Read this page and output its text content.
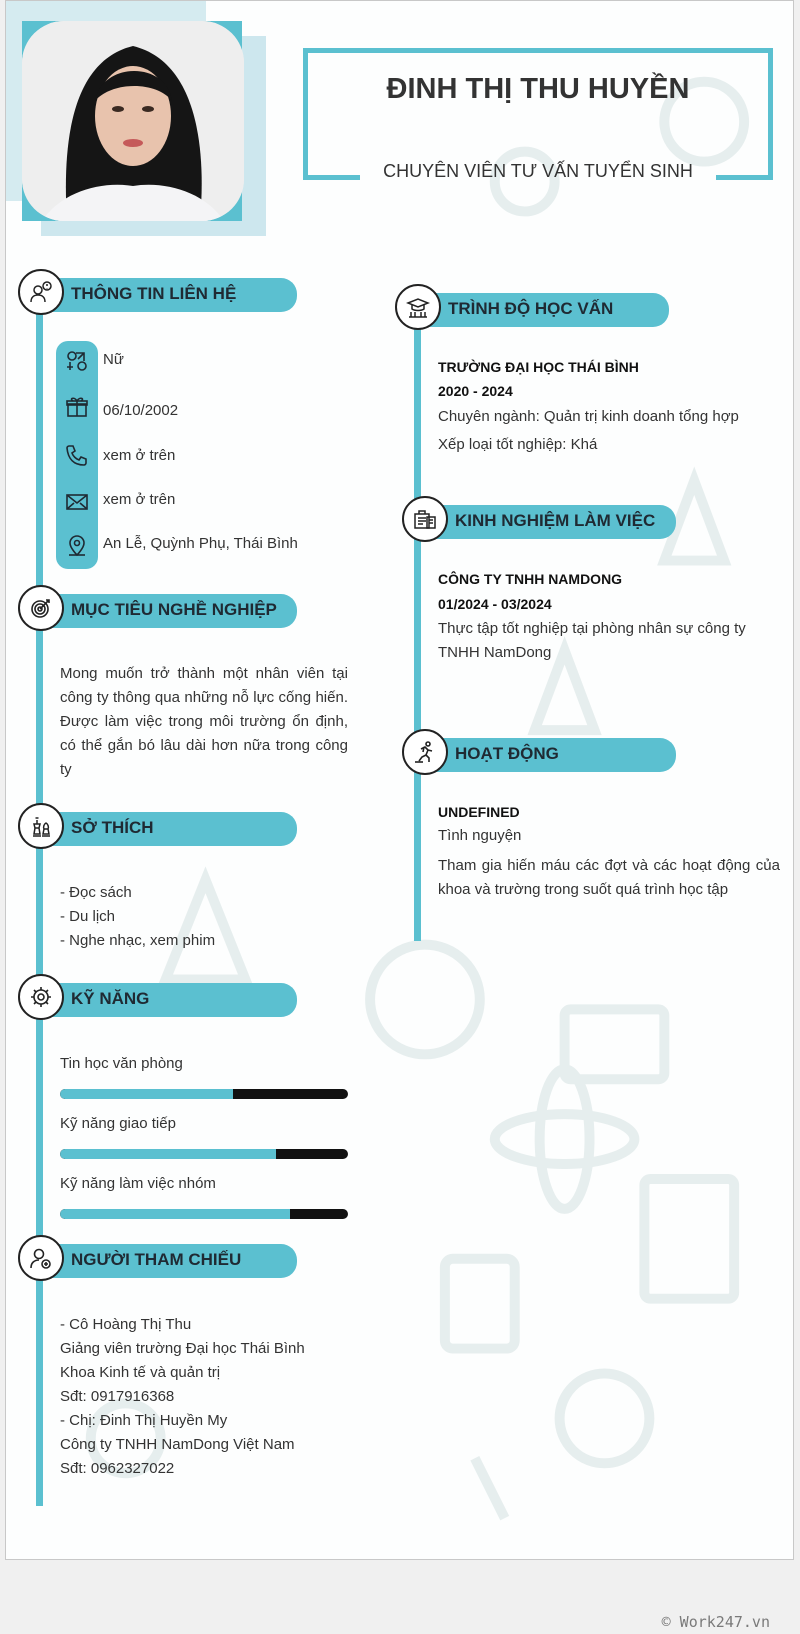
ĐINH THỊ THU HUYỀN
CHUYÊN VIÊN TƯ VẤN TUYỂN SINH
THÔNG TIN LIÊN HỆ
Nữ
06/10/2002
xem ở trên
xem ở trên
An Lễ, Quỳnh Phụ, Thái Bình
MỤC TIÊU NGHỀ NGHIỆP
Mong muốn trở thành một nhân viên tại công ty thông qua những nỗ lực cống hiến. Được làm việc trong môi trường ổn định, có thể gắn bó lâu dài hơn nữa trong công ty
SỞ THÍCH
- Đọc sách
- Du lịch
- Nghe nhạc, xem phim
KỸ NĂNG
Tin học văn phòng
Kỹ năng giao tiếp
Kỹ năng làm việc nhóm
NGƯỜI THAM CHIẾU
- Cô Hoàng Thị Thu
Giảng viên trường Đại học Thái Bình
Khoa Kinh tế và quản trị
Sđt: 0917916368
- Chị: Đinh Thị Huyền My
Công ty TNHH NamDong Việt Nam
Sđt: 0962327022
TRÌNH ĐỘ HỌC VẤN
TRƯỜNG ĐẠI HỌC THÁI BÌNH
2020 - 2024
Chuyên ngành: Quản trị kinh doanh tổng hợp
Xếp loại tốt nghiệp: Khá
KINH NGHIỆM LÀM VIỆC
CÔNG TY TNHH NAMDONG
01/2024 - 03/2024
Thực tập tốt nghiệp tại phòng nhân sự công ty TNHH NamDong
HOẠT ĐỘNG
UNDEFINED
Tình nguyện
Tham gia hiến máu các đợt và các hoạt động của khoa và trường trong suốt quá trình học tập
© Work247.vn
